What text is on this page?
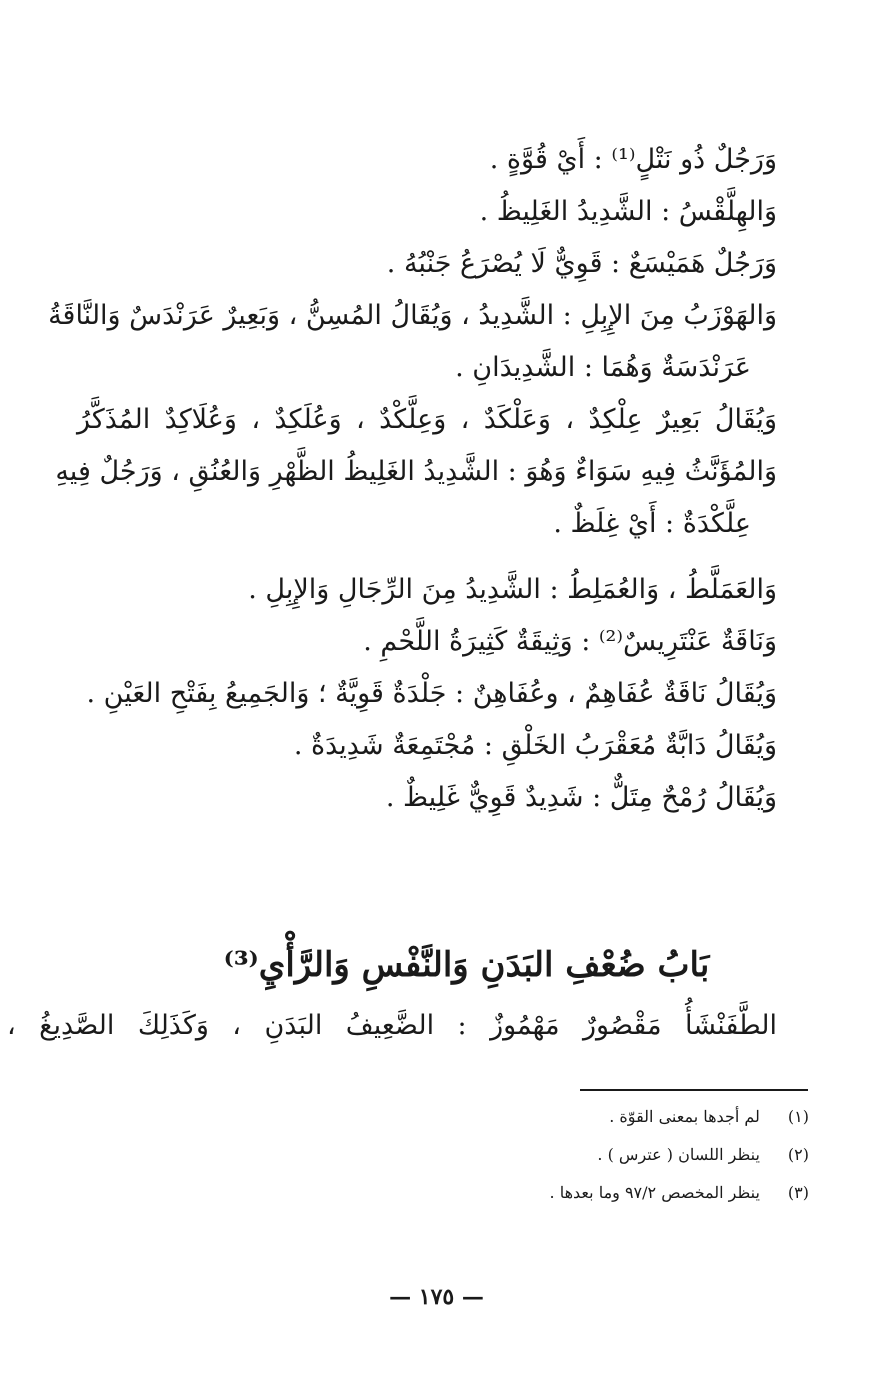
وَرَجُلٌ ذُو نَتْلٍ⁽¹⁾ : أَيْ قُوَّةٍ .
وَالهِلَّقْسُ : الشَّدِيدُ الغَلِيظُ .
وَرَجُلٌ هَمَيْسَعٌ : قَوِيٌّ لَا يُصْرَعُ جَنْبُهُ .
وَالهَوْزَبُ مِنَ الإِبِلِ : الشَّدِيدُ ، وَيُقَالُ المُسِنُّ ، وَبَعِيرٌ عَرَنْدَسٌ وَالنَّاقَةُ
عَرَنْدَسَةٌ وَهُمَا : الشَّدِيدَانِ .
وَيُقَالُ بَعِيرٌ عِلْكِدٌ ، وَعَلْكَدٌ ، وَعِلَّكْدٌ ، وَعُلَكِدٌ ، وَعُلَاكِدٌ المُذَكَّرُ
وَالمُؤَنَّثُ فِيهِ سَوَاءٌ وَهُوَ : الشَّدِيدُ الغَلِيظُ الظَّهْرِ وَالعُنُقِ ، وَرَجُلٌ فِيهِ
عِلَّكْدَةٌ : أَيْ غِلَظٌ .
وَالعَمَلَّطُ ، وَالعُمَلِطُ : الشَّدِيدُ مِنَ الرِّجَالِ وَالإِبِلِ .
وَنَاقَةٌ عَنْتَرِيسٌ⁽²⁾ : وَثِيقَةٌ كَثِيرَةُ اللَّحْمِ .
وَيُقَالُ نَاقَةٌ عُفَاهِمٌ ، وعُفَاهِنٌ : جَلْدَةٌ قَوِيَّةٌ ؛ وَالجَمِيعُ بِفَتْحِ العَيْنِ .
وَيُقَالُ دَابَّةٌ مُعَقْرَبُ الخَلْقِ : مُجْتَمِعَةٌ شَدِيدَةٌ .
وَيُقَالُ رُمْحٌ مِتَلٌّ : شَدِيدٌ قَوِيٌّ غَلِيظٌ .
بَابُ ضُعْفِ البَدَنِ وَالنَّفْسِ وَالرَّأْيِ⁽³⁾
الطَّفَنْشَأُ مَقْصُورٌ مَهْمُوزٌ : الضَّعِيفُ البَدَنِ ، وَكَذَلِكَ الصَّدِيغُ ،
(١) لم أجدها بمعنى القوّة .
(٢) ينظر اللسان ( عترس ) .
(٣) ينظر المخصص ٩٧/٢ وما بعدها .
— ١٧٥ —
